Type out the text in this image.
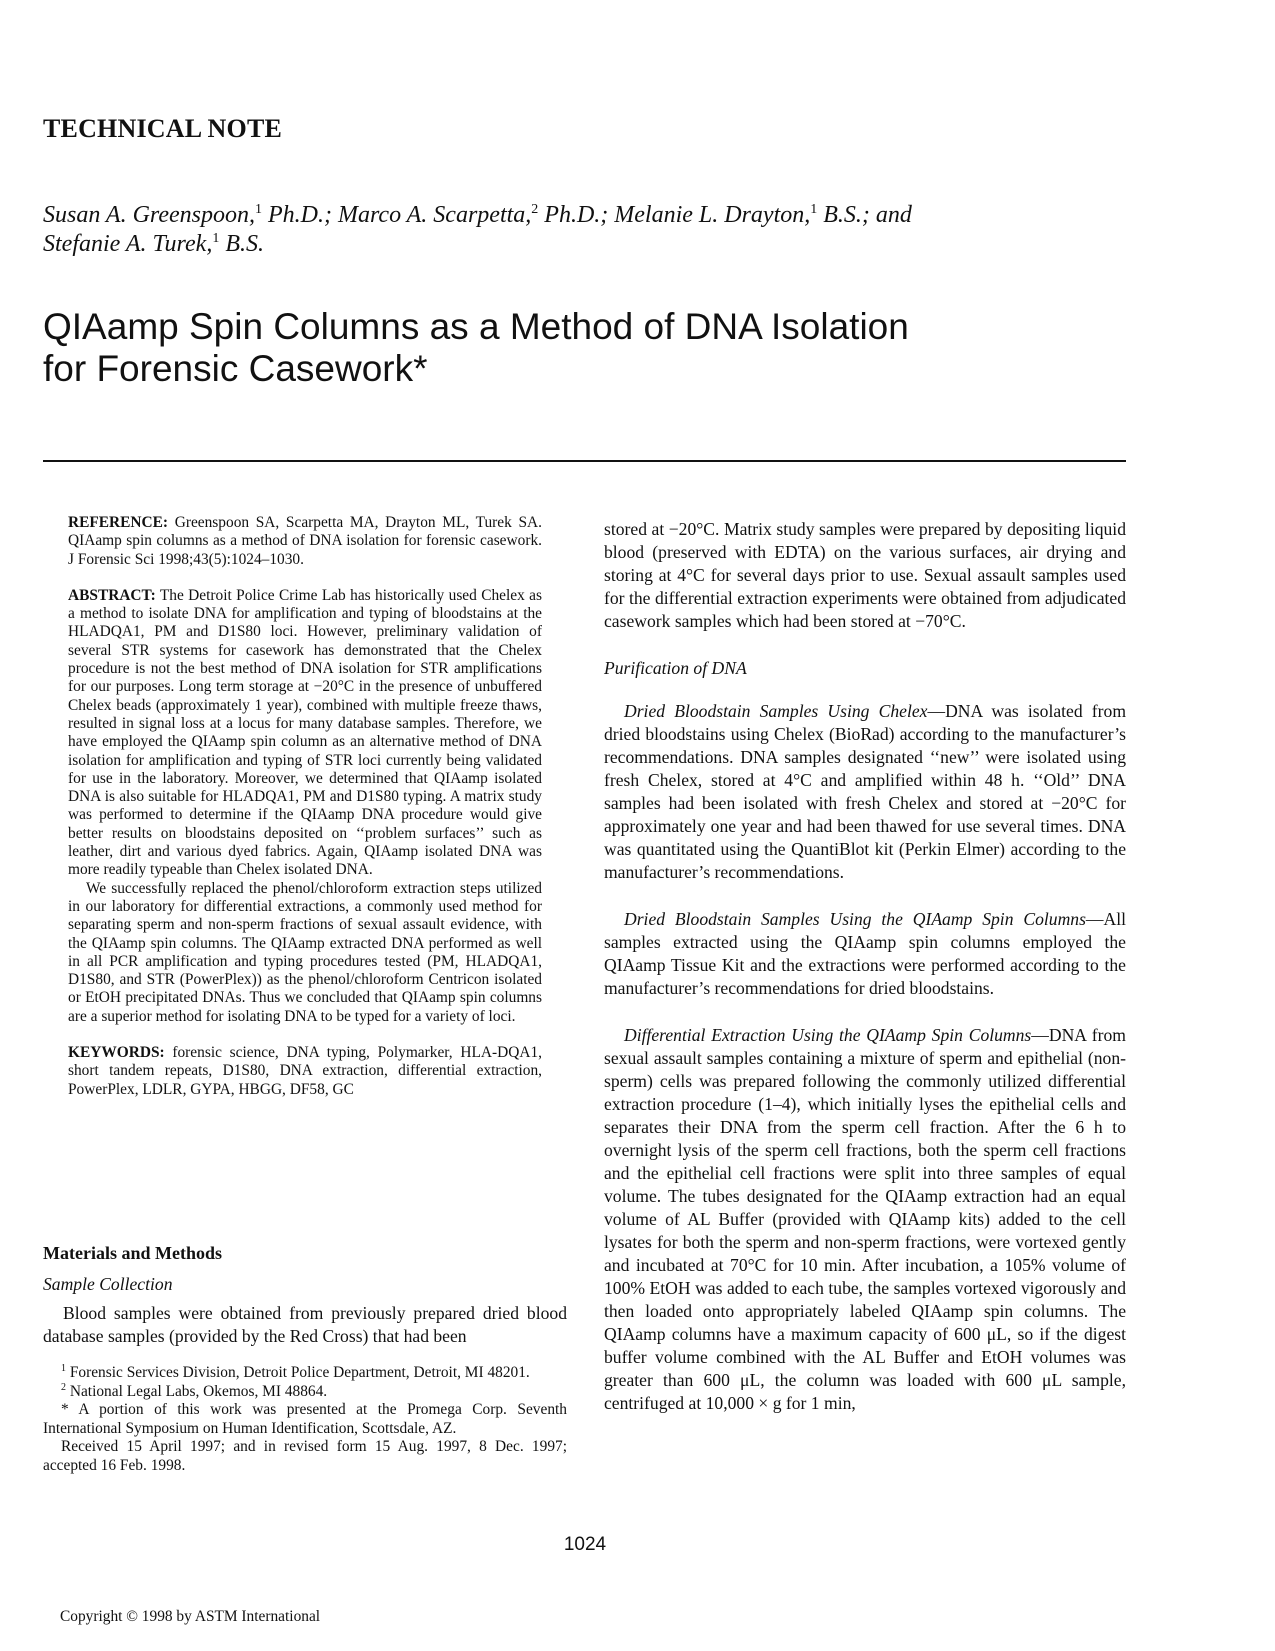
TECHNICAL NOTE
Susan A. Greenspoon,$^1$ Ph.D.; Marco A. Scarpetta,$^2$ Ph.D.; Melanie L. Drayton,$^1$ B.S.; and
Stefanie A. Turek,$^1$ B.S.
QIAamp Spin Columns as a Method of DNA Isolation
for Forensic Casework*

REFERENCE: Greenspoon SA, Scarpetta MA, Drayton ML, Turek SA. QIAamp spin columns as a method of DNA isolation for forensic casework. J Forensic Sci 1998;43(5):1024–1030.

ABSTRACT: The Detroit Police Crime Lab has historically used Chelex as a method to isolate DNA for amplification and typing of bloodstains at the HLADQA1, PM and D1S80 loci. However, preliminary validation of several STR systems for casework has demonstrated that the Chelex procedure is not the best method of DNA isolation for STR amplifications for our purposes. Long term storage at −20°C in the presence of unbuffered Chelex beads (approximately 1 year), combined with multiple freeze thaws, resulted in signal loss at a locus for many database samples. Therefore, we have employed the QIAamp spin column as an alternative method of DNA isolation for amplification and typing of STR loci currently being validated for use in the laboratory. Moreover, we determined that QIAamp isolated DNA is also suitable for HLADQA1, PM and D1S80 typing. A matrix study was performed to determine if the QIAamp DNA procedure would give better results on bloodstains deposited on ‘‘problem surfaces’’ such as leather, dirt and various dyed fabrics. Again, QIAamp isolated DNA was more readily typeable than Chelex isolated DNA.

We successfully replaced the phenol/chloroform extraction steps utilized in our laboratory for differential extractions, a commonly used method for separating sperm and non-sperm fractions of sexual assault evidence, with the QIAamp spin columns. The QIAamp extracted DNA performed as well in all PCR amplification and typing procedures tested (PM, HLADQA1, D1S80, and STR (PowerPlex)) as the phenol/chloroform Centricon isolated or EtOH precipitated DNAs. Thus we concluded that QIAamp spin columns are a superior method for isolating DNA to be typed for a variety of loci.

KEYWORDS: forensic science, DNA typing, Polymarker, HLA-DQA1, short tandem repeats, D1S80, DNA extraction, differential extraction, PowerPlex, LDLR, GYPA, HBGG, DF58, GC

Materials and Methods
Sample Collection

Blood samples were obtained from previously prepared dried blood database samples (provided by the Red Cross) that had been

$^1$ Forensic Services Division, Detroit Police Department, Detroit, MI 48201.

$^2$ National Legal Labs, Okemos, MI 48864.

* A portion of this work was presented at the Promega Corp. Seventh International Symposium on Human Identification, Scottsdale, AZ.

Received 15 April 1997; and in revised form 15 Aug. 1997, 8 Dec. 1997; accepted 16 Feb. 1998.

stored at −20°C. Matrix study samples were prepared by depositing liquid blood (preserved with EDTA) on the various surfaces, air drying and storing at 4°C for several days prior to use. Sexual assault samples used for the differential extraction experiments were obtained from adjudicated casework samples which had been stored at −70°C.

Purification of DNA

Dried Bloodstain Samples Using Chelex—DNA was isolated from dried bloodstains using Chelex (BioRad) according to the manufacturer’s recommendations. DNA samples designated ‘‘new’’ were isolated using fresh Chelex, stored at 4°C and amplified within 48 h. ‘‘Old’’ DNA samples had been isolated with fresh Chelex and stored at −20°C for approximately one year and had been thawed for use several times. DNA was quantitated using the QuantiBlot kit (Perkin Elmer) according to the manufacturer’s recommendations.

Dried Bloodstain Samples Using the QIAamp Spin Columns—All samples extracted using the QIAamp spin columns employed the QIAamp Tissue Kit and the extractions were performed according to the manufacturer’s recommendations for dried bloodstains.

Differential Extraction Using the QIAamp Spin Columns—DNA from sexual assault samples containing a mixture of sperm and epithelial (non-sperm) cells was prepared following the commonly utilized differential extraction procedure (1–4), which initially lyses the epithelial cells and separates their DNA from the sperm cell fraction. After the 6 h to overnight lysis of the sperm cell fractions, both the sperm cell fractions and the epithelial cell fractions were split into three samples of equal volume. The tubes designated for the QIAamp extraction had an equal volume of AL Buffer (provided with QIAamp kits) added to the cell lysates for both the sperm and non-sperm fractions, were vortexed gently and incubated at 70°C for 10 min. After incubation, a 105% volume of 100% EtOH was added to each tube, the samples vortexed vigorously and then loaded onto appropriately labeled QIAamp spin columns. The QIAamp columns have a maximum capacity of 600 μL, so if the digest buffer volume combined with the AL Buffer and EtOH volumes was greater than 600 μL, the column was loaded with 600 μL sample, centrifuged at 10,000 × g for 1 min,

1024
Copyright © 1998 by ASTM International
